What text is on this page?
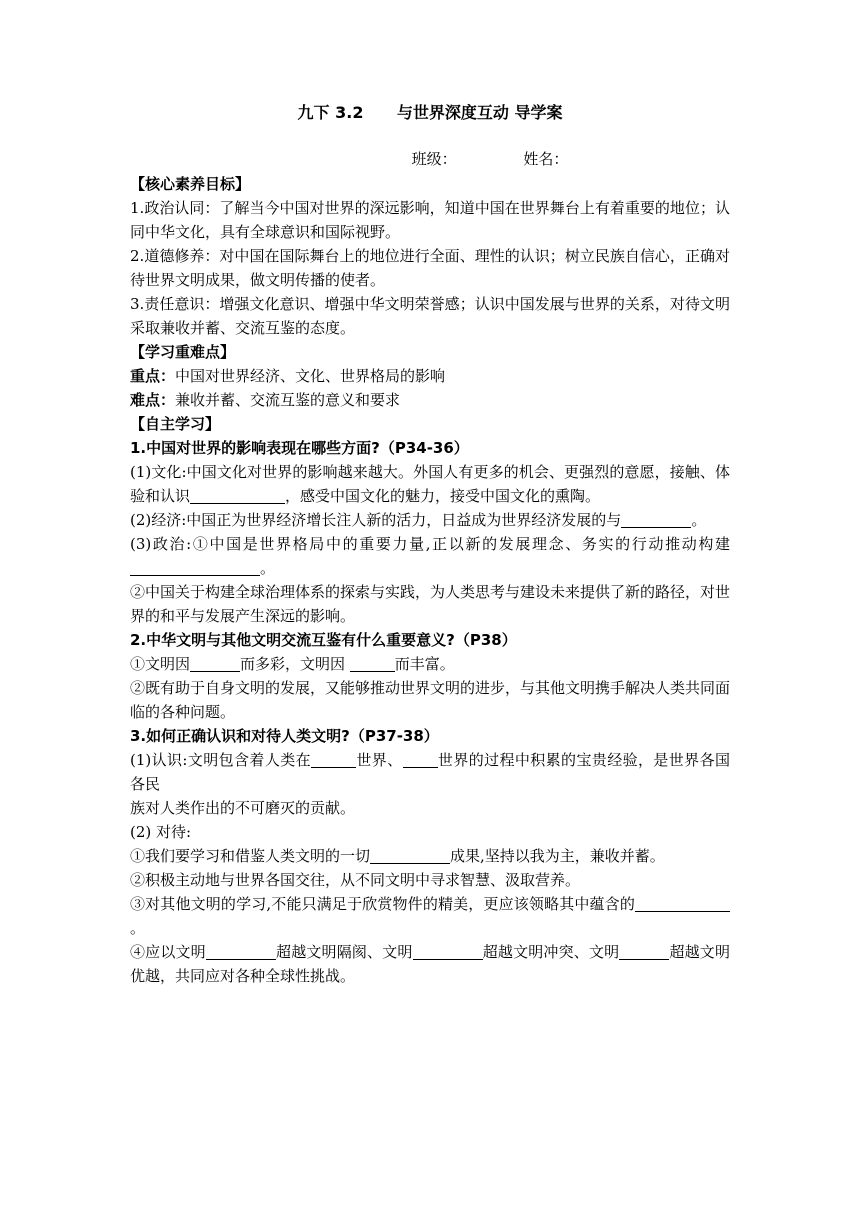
九下 3.2      与世界深度互动 导学案
班级：              姓名：
【核心素养目标】

1.政治认同：了解当今中国对世界的深远影响，知道中国在世界舞台上有着重要的地位；认同中华文化，具有全球意识和国际视野。

2.道德修养：对中国在国际舞台上的地位进行全面、理性的认识；树立民族自信心，正确对待世界文明成果，做文明传播的使者。

3.责任意识：增强文化意识、增强中华文明荣誉感；认识中国发展与世界的关系，对待文明采取兼收并蓄、交流互鉴的态度。

【学习重难点】

重点：中国对世界经济、文化、世界格局的影响

难点：兼收并蓄、交流互鉴的意义和要求

【自主学习】

1.中国对世界的影响表现在哪些方面?（P34-36）

(1)文化:中国文化对世界的影响越来越大。外国人有更多的机会、更强烈的意愿，接触、体验和认识	，感受中国文化的魅力，接受中国文化的熏陶。

(2)经济:中国正为世界经济增长注人新的活力，日益成为世界经济发展的与	。

(3)政治:①中国是世界格局中的重要力量,正以新的发展理念、务实的行动推动构建。

②中国关于构建全球治理体系的探索与实践，为人类思考与建设未来提供了新的路径，对世界的和平与发展产生深远的影响。

2.中华文明与其他文明交流互鉴有什么重要意义?（P38）

①文明因	而多彩，文明因	而丰富。

②既有助于自身文明的发展，又能够推动世界文明的进步，与其他文明携手解决人类共同面临的各种问题。

3.如何正确认识和对待人类文明?（P37-38）

(1)认识:文明包含着人类在	世界、 世界的过程中积累的宝贵经验，是世界各国各民

族对人类作出的不可磨灭的贡献。

(2) 对待:

①我们要学习和借鉴人类文明的一切	成果,坚持以我为主，兼收并蓄。

②积极主动地与世界各国交往，从不同文明中寻求智慧、汲取营养。

③对其他文明的学习,不能只满足于欣赏物件的精美，更应该领略其中蕴含的。

④应以文明	超越文明隔阂、文明	超越文明冲突、文明	超越文明优越，共同应对各种全球性挑战。
